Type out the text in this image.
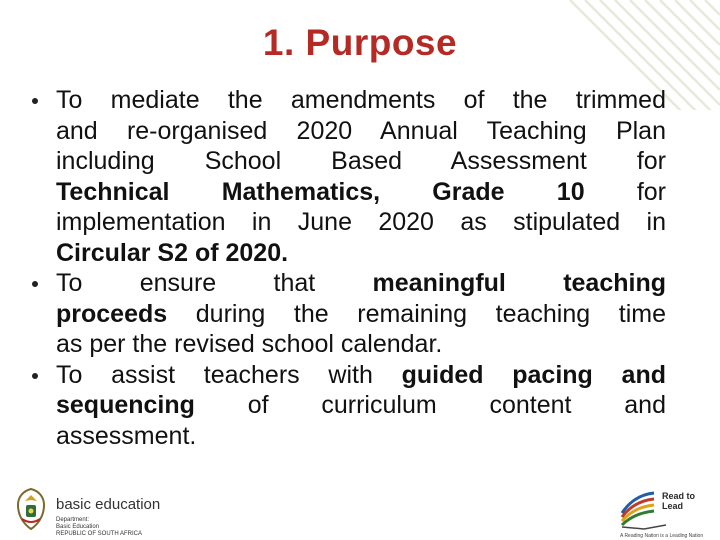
1. Purpose
To mediate the amendments of the trimmed
and re-organised 2020 Annual Teaching Plan
including School Based Assessment for
Technical Mathematics, Grade 10 for
implementation in June 2020 as stipulated in
Circular S2 of 2020.
To ensure that meaningful teaching
proceeds during the remaining teaching time
as per the revised school calendar.
To assist teachers with guided pacing and
sequencing of curriculum content and
assessment.
basic education
Department:
Basic Education
REPUBLIC OF SOUTH AFRICA
Read to Lead
A Reading Nation is a Leading Nation
